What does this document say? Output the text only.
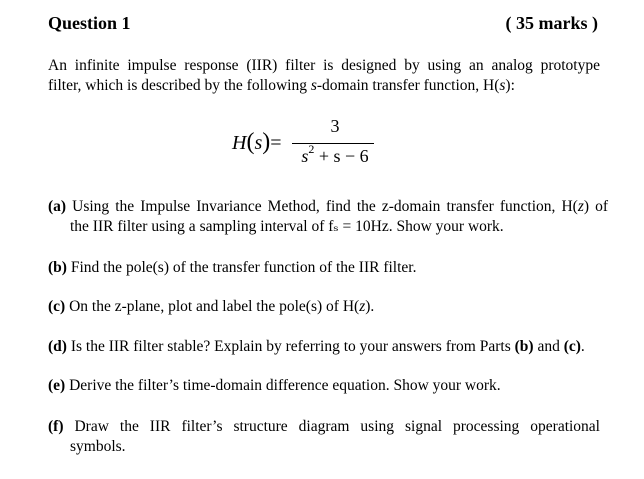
Question 1	( 35 marks )
An infinite impulse response (IIR) filter is designed by using an analog prototype
filter, which is described by the following s-domain transfer function, H(s):
H(s)=
3
$s^2 + s - 6$
(a) Using the Impulse Invariance Method, find the z-domain transfer function, H(z) of
the IIR filter using a sampling interval of fₛ = 10Hz. Show your work.
(b) Find the pole(s) of the transfer function of the IIR filter.
(c) On the z-plane, plot and label the pole(s) of H(z).
(d) Is the IIR filter stable? Explain by referring to your answers from Parts (b) and (c).
(e) Derive the filter’s time-domain difference equation. Show your work.
(f) Draw the IIR filter’s structure diagram using signal processing operational
symbols.
